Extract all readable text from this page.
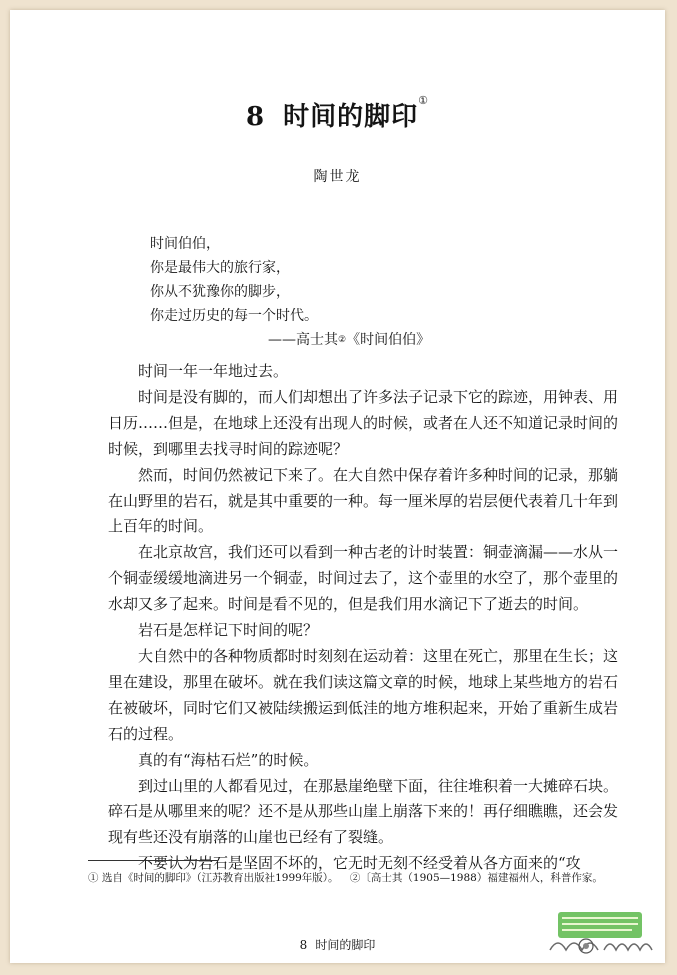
8 时间的脚印①
陶世龙
时间伯伯，
你是最伟大的旅行家，
你从不犹豫你的脚步，
你走过历史的每一个时代。
——高士其②《时间伯伯》

时间一年一年地过去。

时间是没有脚的，而人们却想出了许多法子记录下它的踪迹，用钟表、用日历……但是，在地球上还没有出现人的时候，或者在人还不知道记录时间的时候，到哪里去找寻时间的踪迹呢？

然而，时间仍然被记下来了。在大自然中保存着许多种时间的记录，那躺在山野里的岩石，就是其中重要的一种。每一厘米厚的岩层便代表着几十年到上百年的时间。

在北京故宫，我们还可以看到一种古老的计时装置：铜壶滴漏——水从一个铜壶缓缓地滴进另一个铜壶，时间过去了，这个壶里的水空了，那个壶里的水却又多了起来。时间是看不见的，但是我们用水滴记下了逝去的时间。

岩石是怎样记下时间的呢？

大自然中的各种物质都时时刻刻在运动着：这里在死亡，那里在生长；这里在建设，那里在破坏。就在我们读这篇文章的时候，地球上某些地方的岩石在被破坏，同时它们又被陆续搬运到低洼的地方堆积起来，开始了重新生成岩石的过程。

真的有“海枯石烂”的时候。

到过山里的人都看见过，在那悬崖绝壁下面，往往堆积着一大摊碎石块。碎石是从哪里来的呢？还不是从那些山崖上崩落下来的！再仔细瞧瞧，还会发现有些还没有崩落的山崖也已经有了裂缝。

不要认为岩石是坚固不坏的，它无时无刻不经受着从各方面来的“攻

① 选自《时间的脚印》（江苏教育出版社1999年版）。 ②〔高士其（1905—1988）福建福州人，科普作家。
8 时间的脚印
